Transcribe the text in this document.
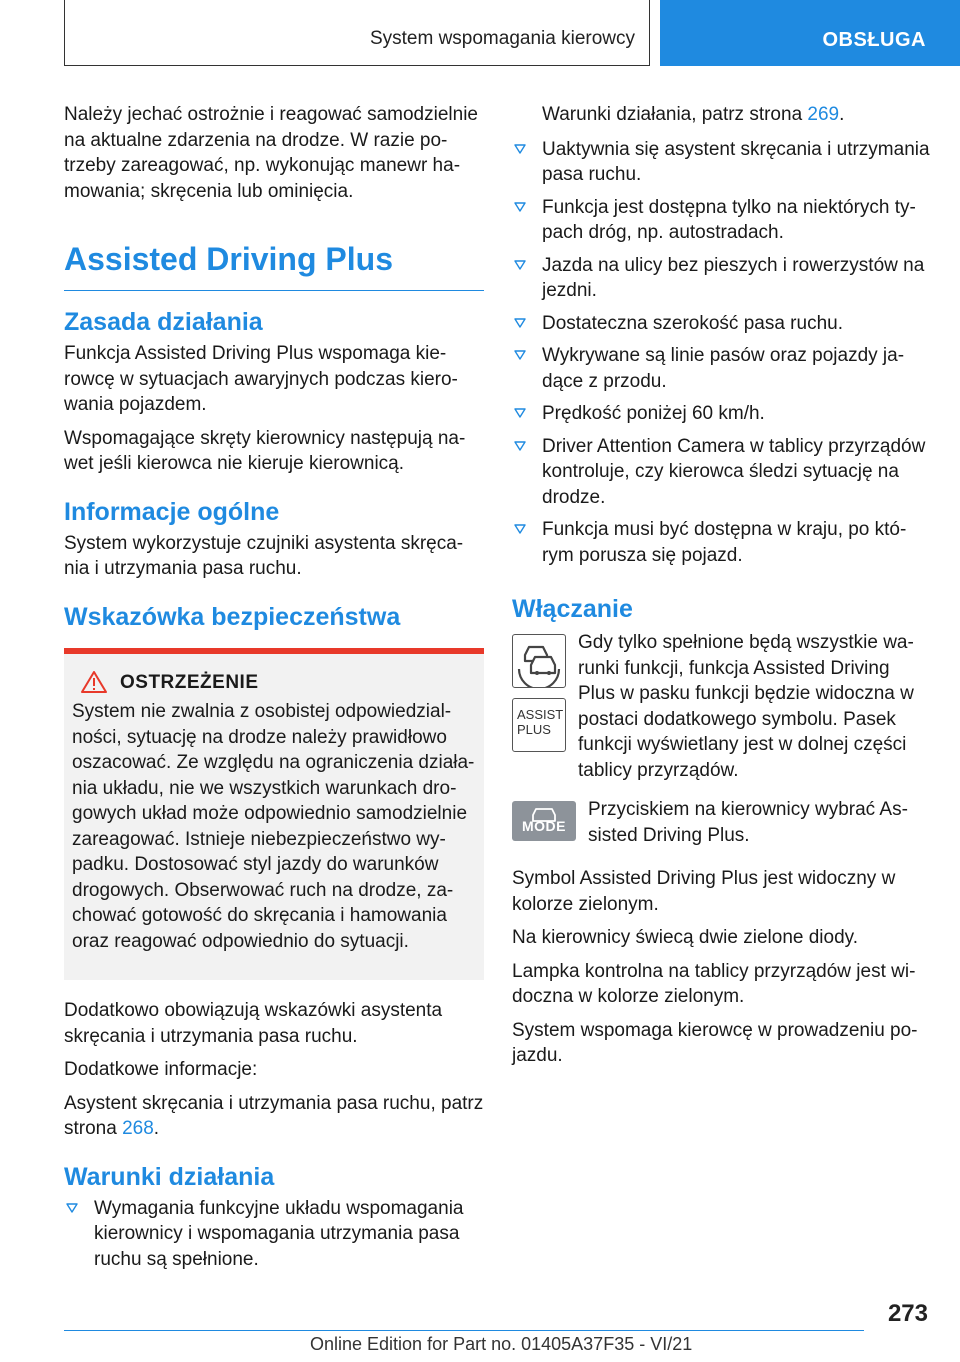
System wspomagania kierowcy	OBSŁUGA

Należy jechać ostrożnie i reagować samodzielnie na aktualne zdarzenia na drodze. W razie po-trzeby zareagować, np. wykonując manewr ha-mowania; skręcenia lub ominięcia.

Assisted Driving Plus
Zasada działania

Funkcja Assisted Driving Plus wspomaga kie-rowcę w sytuacjach awaryjnych podczas kiero-wania pojazdem.

Wspomagające skręty kierownicy następują na-wet jeśli kierowca nie kieruje kierownicą.

Informacje ogólne

System wykorzystuje czujniki asystenta skręca-nia i utrzymania pasa ruchu.

Wskazówka bezpieczeństwa
OSTRZEŻENIE

System nie zwalnia z osobistej odpowiedzial-ności, sytuację na drodze należy prawidłowo oszacować. Ze względu na ograniczenia działa-nia układu, nie we wszystkich warunkach dro-gowych układ może odpowiednio samodzielnie zareagować. Istnieje niebezpieczeństwo wy-padku. Dostosować styl jazdy do warunków drogowych. Obserwować ruch na drodze, za-chować gotowość do skręcania i hamowania oraz reagować odpowiednio do sytuacji.

Dodatkowo obowiązują wskazówki asystenta skręcania i utrzymania pasa ruchu.

Dodatkowe informacje:

Asystent skręcania i utrzymania pasa ruchu, patrz strona 268.

Warunki działania
Wymagania funkcyjne układu wspomagania kierownicy i wspomagania utrzymania pasa ruchu są spełnione.

Warunki działania, patrz strona 269.

Uaktywnia się asystent skręcania i utrzymania pasa ruchu.
Funkcja jest dostępna tylko na niektórych ty-pach dróg, np. autostradach.
Jazda na ulicy bez pieszych i rowerzystów na jezdni.
Dostateczna szerokość pasa ruchu.
Wykrywane są linie pasów oraz pojazdy ja-dące z przodu.
Prędkość poniżej 60 km/h.
Driver Attention Camera w tablicy przyrządów kontroluje, czy kierowca śledzi sytuację na drodze.
Funkcja musi być dostępna w kraju, po któ-rym porusza się pojazd.
Włączanie
ASSIST
PLUS

Gdy tylko spełnione będą wszystkie wa-runki funkcji, funkcja Assisted Driving Plus w pasku funkcji będzie widoczna w postaci dodatkowego symbolu. Pasek funkcji wyświetlany jest w dolnej części tablicy przyrządów.

MODE

Przyciskiem na kierownicy wybrać As-sisted Driving Plus.

Symbol Assisted Driving Plus jest widoczny w kolorze zielonym.

Na kierownicy świecą dwie zielone diody.

Lampka kontrolna na tablicy przyrządów jest wi-doczna w kolorze zielonym.

System wspomaga kierowcę w prowadzeniu po-jazdu.

273
Online Edition for Part no. 01405A37F35 - VI/21
